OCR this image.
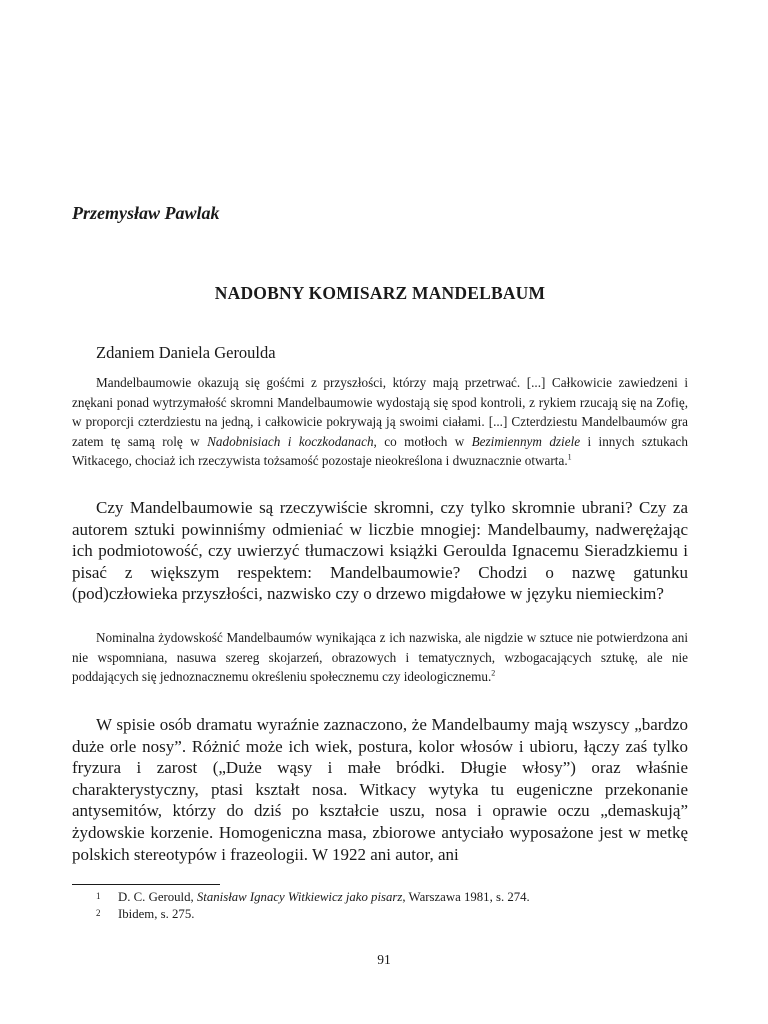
Przemysław Pawlak
NADOBNY KOMISARZ MANDELBAUM
Zdaniem Daniela Gerouldа

Mandelbaumowie okazują się gośćmi z przyszłości, którzy mają przetrwać. [...] Całkowicie zawiedzeni i znękani ponad wytrzymałość skromni Mandelbaumowie wydostają się spod kontroli, z rykiem rzucają się na Zofię, w proporcji czterdziestu na jedną, i całkowicie pokrywają ją swoimi ciałami. [...] Czterdziestu Mandelbaumów gra zatem tę samą rolę w Nadobnisiach i koczkodanach, co motłoch w Bezimiennym dziele i innych sztukach Witkacego, chociaż ich rzeczywista tożsamość pozostaje nieokreślona i dwuznacznie otwarta.$^1$

Czy Mandelbaumowie są rzeczywiście skromni, czy tylko skromnie ubrani? Czy za autorem sztuki powinniśmy odmieniać w liczbie mnogiej: Mandelbaumy, nadwerężając ich podmiotowość, czy uwierzyć tłumaczowi książki Gerouldа Ignacemu Sieradzkiemu i pisać z większym respektem: Mandelbaumowie? Chodzi o nazwę gatunku (pod)człowieka przyszłości, nazwisko czy o drzewo migdałowe w języku niemieckim?

Nominalna żydowskość Mandelbaumów wynikająca z ich nazwiska, ale nigdzie w sztuce nie potwierdzona ani nie wspomniana, nasuwa szereg skojarzeń, obrazowych i tematycznych, wzbogacających sztukę, ale nie poddających się jednoznacznemu określeniu społecznemu czy ideologicznemu.$^2$

W spisie osób dramatu wyraźnie zaznaczono, że Mandelbaumy mają wszyscy „bardzo duże orle nosy”. Różnić może ich wiek, postura, kolor włosów i ubioru, łączy zaś tylko fryzura i zarost („Duże wąsy i małe bródki. Długie włosy”) oraz właśnie charakterystyczny, ptasi kształt nosa. Witkacy wytyka tu eugeniczne przekonanie antysemitów, którzy do dziś po kształcie uszu, nosa i oprawie oczu „demaskują” żydowskie korzenie. Homogeniczna masa, zbiorowe antyciało wyposażone jest w metkę polskich stereotypów i frazeologii. W 1922 ani autor, ani

1	D. C. Gerould, Stanisław Ignacy Witkiewicz jako pisarz, Warszawa 1981, s. 274.
2	Ibidem, s. 275.
91
